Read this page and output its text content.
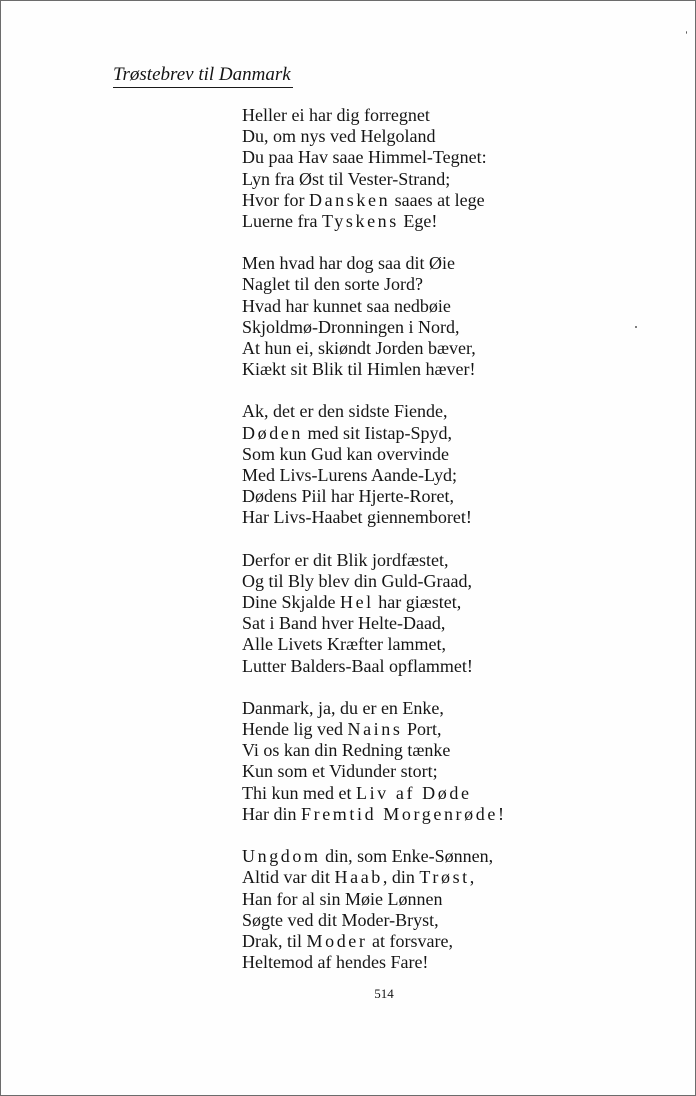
Trøstebrev til Danmark
Heller ei har dig forregnet
Du, om nys ved Helgoland
Du paa Hav saae Himmel-Tegnet:
Lyn fra Øst til Vester-Strand;
Hvor for Dansken saaes at lege
Luerne fra Tyskens Ege!
Men hvad har dog saa dit Øie
Naglet til den sorte Jord?
Hvad har kunnet saa nedbøie
Skjoldmø-Dronningen i Nord,
At hun ei, skiøndt Jorden bæver,
Kiækt sit Blik til Himlen hæver!
Ak, det er den sidste Fiende,
Døden med sit Iistap-Spyd,
Som kun Gud kan overvinde
Med Livs-Lurens Aande-Lyd;
Dødens Piil har Hjerte-Roret,
Har Livs-Haabet giennemboret!
Derfor er dit Blik jordfæstet,
Og til Bly blev din Guld-Graad,
Dine Skjalde Hel har giæstet,
Sat i Band hver Helte-Daad,
Alle Livets Kræfter lammet,
Lutter Balders-Baal opflammet!
Danmark, ja, du er en Enke,
Hende lig ved Nains Port,
Vi os kan din Redning tænke
Kun som et Vidunder stort;
Thi kun med et Liv af Døde
Har din Fremtid Morgenrøde!
Ungdom din, som Enke-Sønnen,
Altid var dit Haab, din Trøst,
Han for al sin Møie Lønnen
Søgte ved dit Moder-Bryst,
Drak, til Moder at forsvare,
Heltemod af hendes Fare!
514
